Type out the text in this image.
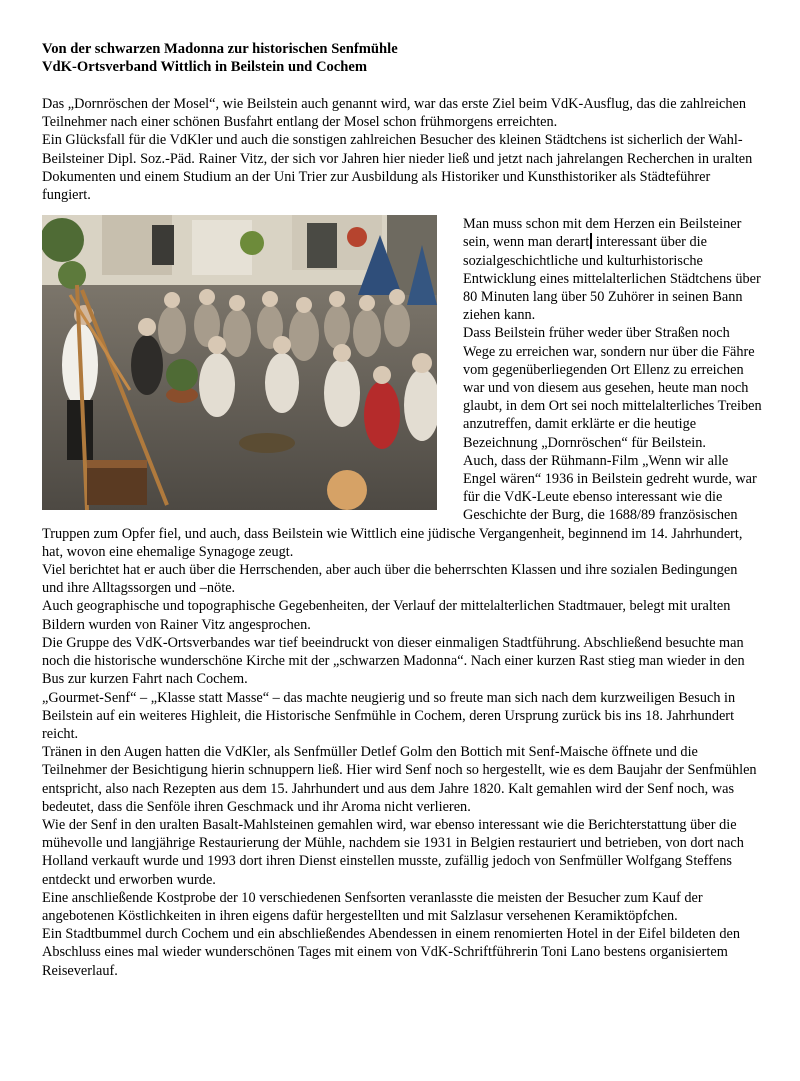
Von der schwarzen Madonna zur historischen Senfmühle
VdK-Ortsverband Wittlich in Beilstein und Cochem

Das „Dornröschen der Mosel“, wie Beilstein auch genannt wird, war das erste Ziel beim VdK-Ausflug, das die zahlreichen Teilnehmer nach einer schönen Busfahrt entlang der Mosel schon frühmorgens erreichten.

Ein Glücksfall für die VdKler und auch die sonstigen zahlreichen Besucher des kleinen Städtchens ist sicherlich der Wahl-Beilsteiner Dipl. Soz.-Päd. Rainer Vitz, der sich vor Jahren hier nieder ließ und jetzt nach jahrelangen Recherchen in uralten Dokumenten und einem Studium an der Uni Trier zur Ausbildung als Historiker und Kunsthistoriker als Städteführer fungiert.

Man muss schon mit dem Herzen ein Beilsteiner sein, wenn man derart interessant über die sozialgeschichtliche und kulturhistorische Entwicklung eines mittelalterlichen Städtchens über 80 Minuten lang über 50 Zuhörer in seinen Bann ziehen kann.

Dass Beilstein früher weder über Straßen noch Wege zu erreichen war, sondern nur über die Fähre vom gegenüberliegenden Ort Ellenz zu erreichen war und von diesem aus gesehen, heute man noch glaubt, in dem Ort sei noch mittelalterliches Treiben anzutreffen, damit erklärte er die heutige Bezeichnung „Dornröschen“ für Beilstein.

Auch, dass der Rühmann-Film „Wenn wir alle Engel wären“ 1936 in Beilstein gedreht wurde, war für die VdK-Leute ebenso interessant wie die Geschichte der Burg, die 1688/89 französischen Truppen zum Opfer fiel, und auch, dass Beilstein wie Wittlich eine jüdische Vergangenheit, beginnend im 14. Jahrhundert, hat, wovon eine ehemalige Synagoge zeugt.

Viel berichtet hat er auch über die Herrschenden, aber auch über die beherrschten Klassen und ihre sozialen Bedingungen und ihre Alltagssorgen und –nöte.

Auch geographische und topographische Gegebenheiten, der Verlauf der mittelalterlichen Stadtmauer, belegt mit uralten Bildern wurden von Rainer Vitz angesprochen.

Die Gruppe des VdK-Ortsverbandes war tief beeindruckt von dieser einmaligen Stadtführung. Abschließend besuchte man noch die historische wunderschöne Kirche mit der „schwarzen Madonna“. Nach einer kurzen Rast stieg man wieder in den Bus zur kurzen Fahrt nach Cochem.

„Gourmet-Senf“ – „Klasse statt Masse“ – das machte neugierig und so freute man sich nach dem kurzweiligen Besuch in Beilstein auf ein weiteres Highleit, die Historische Senfmühle in Cochem, deren Ursprung zurück bis ins 18. Jahrhundert reicht.

Tränen in den Augen hatten die VdKler, als Senfmüller Detlef Golm den Bottich mit Senf-Maische öffnete und die Teilnehmer der Besichtigung hierin schnuppern ließ. Hier wird Senf noch so hergestellt, wie es dem Baujahr der Senfmühlen entspricht, also nach Rezepten aus dem 15. Jahrhundert und aus dem Jahre 1820. Kalt gemahlen wird der Senf noch, was bedeutet, dass die Senföle ihren Geschmack und ihr Aroma nicht verlieren.

Wie der Senf in den uralten Basalt-Mahlsteinen gemahlen wird, war ebenso interessant wie die Berichterstattung über die mühevolle und langjährige Restaurierung der Mühle, nachdem sie 1931 in Belgien restauriert und betrieben, von dort nach Holland verkauft wurde und 1993 dort ihren Dienst einstellen musste, zufällig jedoch von Senfmüller Wolfgang Steffens entdeckt und erworben wurde.

Eine anschließende Kostprobe der 10 verschiedenen Senfsorten veranlasste die meisten der Besucher zum Kauf der angebotenen Köstlichkeiten in ihren eigens dafür hergestellten und mit Salzlasur versehenen Keramiktöpfchen.

Ein Stadtbummel durch Cochem und ein abschließendes Abendessen in einem renomierten Hotel in der Eifel bildeten den Abschluss eines mal wieder wunderschönen Tages mit einem von VdK-Schriftführerin Toni Lano bestens organisiertem Reiseverlauf.
